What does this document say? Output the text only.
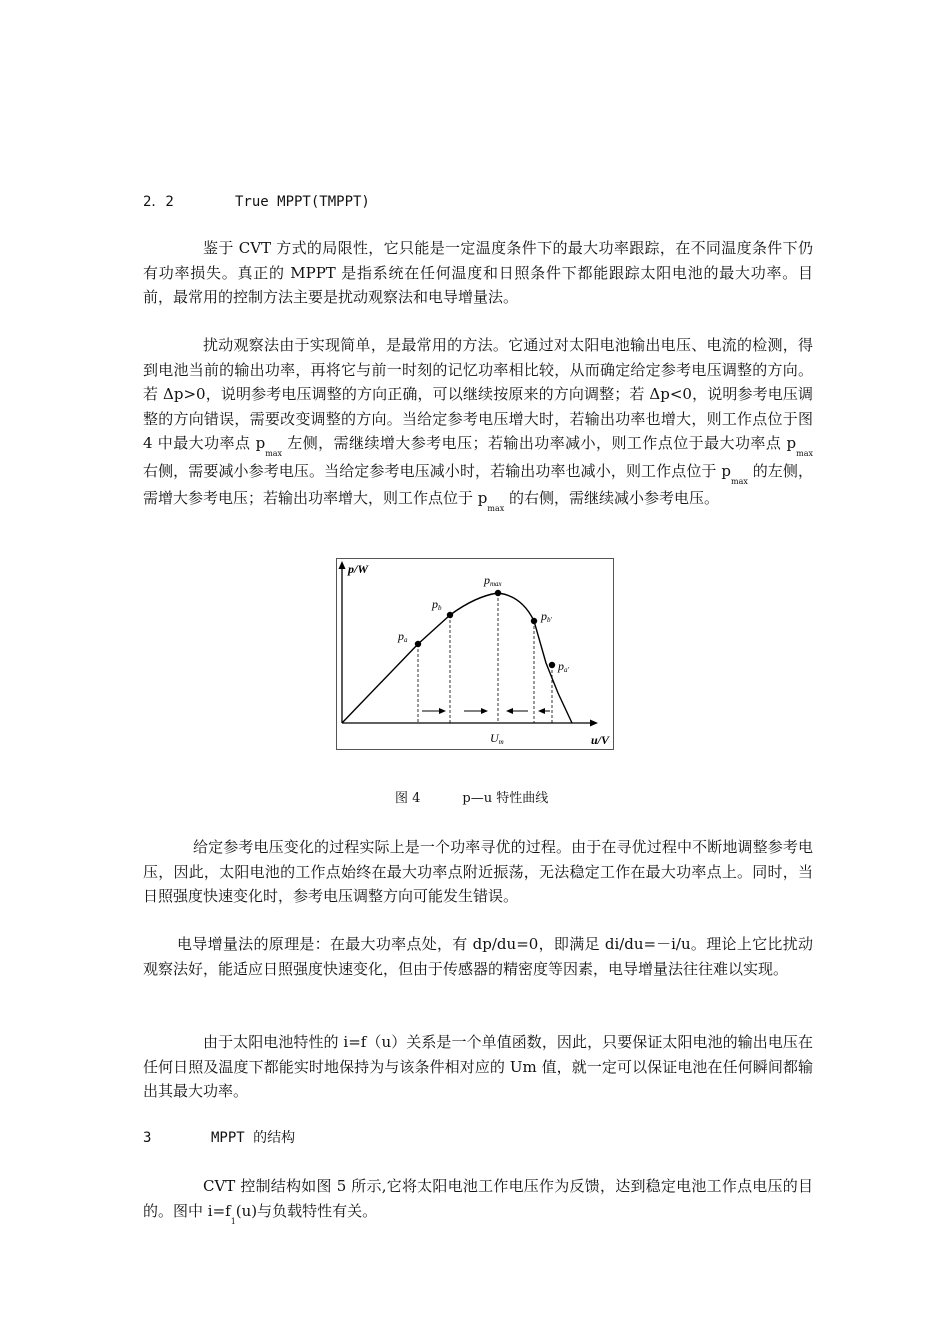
2．2	True MPPT(TMPPT)
鉴于 CVT 方式的局限性，它只能是一定温度条件下的最大功率跟踪，在不同温度条件下仍有功率损失。真正的 MPPT 是指系统在任何温度和日照条件下都能跟踪太阳电池的最大功率。目前，最常用的控制方法主要是扰动观察法和电导增量法。
扰动观察法由于实现简单，是最常用的方法。它通过对太阳电池输出电压、电流的检测，得到电池当前的输出功率，再将它与前一时刻的记忆功率相比较，从而确定给定参考电压调整的方向。若 Δp>0，说明参考电压调整的方向正确，可以继续按原来的方向调整；若 Δp<0，说明参考电压调整的方向错误，需要改变调整的方向。当给定参考电压增大时，若输出功率也增大，则工作点位于图 4 中最大功率点 $p_{max}$ 左侧，需继续增大参考电压；若输出功率减小，则工作点位于最大功率点 $p_{max}$ 右侧，需要减小参考电压。当给定参考电压减小时，若输出功率也减小，则工作点位于 $p_{max}$ 的左侧，需增大参考电压；若输出功率增大，则工作点位于 $p_{max}$ 的右侧，需继续减小参考电压。
p/W
u/V
pa
pb
pmax
pb'
pa'
Um
图 4	p—u 特性曲线
给定参考电压变化的过程实际上是一个功率寻优的过程。由于在寻优过程中不断地调整参考电压，因此，太阳电池的工作点始终在最大功率点附近振荡，无法稳定工作在最大功率点上。同时，当日照强度快速变化时，参考电压调整方向可能发生错误。
电导增量法的原理是：在最大功率点处，有 dp/du=0，即满足 di/du=－i/u。理论上它比扰动观察法好，能适应日照强度快速变化，但由于传感器的精密度等因素，电导增量法往往难以实现。
由于太阳电池特性的 i=f（u）关系是一个单值函数，因此，只要保证太阳电池的输出电压在任何日照及温度下都能实时地保持为与该条件相对应的 Um 值，就一定可以保证电池在任何瞬间都输出其最大功率。
3	MPPT 的结构
CVT 控制结构如图 5 所示,它将太阳电池工作电压作为反馈，达到稳定电池工作点电压的目的。图中 $i=f_1(u)$与负载特性有关。
